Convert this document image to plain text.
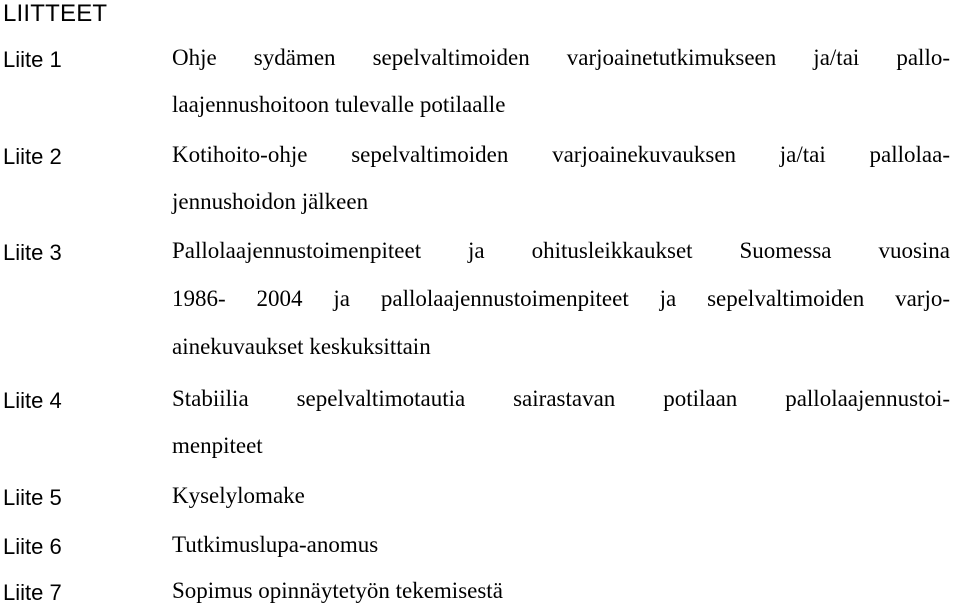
LIITTEET
Liite 1	Ohje sydämen sepelvaltimoiden varjoainetutkimukseen ja/tai pallo-
laajennushoitoon tulevalle potilaalle
Liite 2	Kotihoito-ohje sepelvaltimoiden varjoainekuvauksen ja/tai pallolaa-
jennushoidon jälkeen
Liite 3	Pallolaajennustoimenpiteet ja ohitusleikkaukset Suomessa vuosina
1986- 2004 ja pallolaajennustoimenpiteet ja sepelvaltimoiden varjo-
ainekuvaukset keskuksittain
Liite 4	Stabiilia sepelvaltimotautia sairastavan potilaan pallolaajennustoi-
menpiteet
Liite 5	Kyselylomake
Liite 6	Tutkimuslupa-anomus
Liite 7	Sopimus opinnäytetyön tekemisestä
